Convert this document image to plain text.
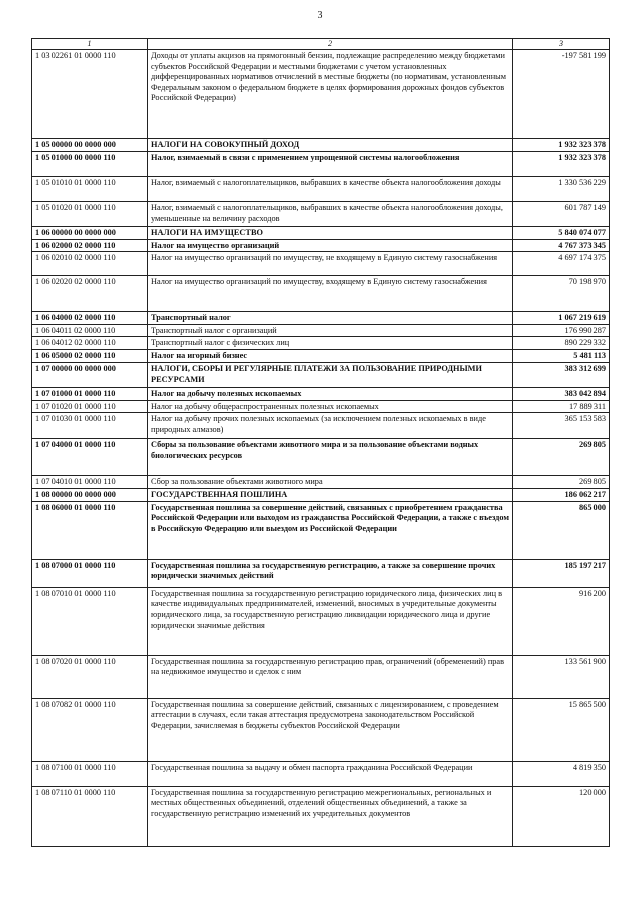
3
1	2	3
1 03 02261 01 0000 110	Доходы от уплаты акцизов на прямогонный бензин, подлежащие распределению между бюджетами субъектов Российской Федерации и местными бюджетами с учетом установленных дифференцированных нормативов отчислений в местные бюджеты (по нормативам, установленным Федеральным законом о федеральном бюджете в целях формирования дорожных фондов субъектов Российской Федерации)	-197 581 199
1 05 00000 00 0000 000	НАЛОГИ НА СОВОКУПНЫЙ ДОХОД	1 932 323 378
1 05 01000 00 0000 110	Налог, взимаемый в связи с применением упрощенной системы налогообложения	1 932 323 378
1 05 01010 01 0000 110	Налог, взимаемый с налогоплательщиков, выбравших в качестве объекта налогообложения доходы	1 330 536 229
1 05 01020 01 0000 110	Налог, взимаемый с налогоплательщиков, выбравших в качестве объекта налогообложения доходы, уменьшенные на величину расходов	601 787 149
1 06 00000 00 0000 000	НАЛОГИ НА ИМУЩЕСТВО	5 840 074 077
1 06 02000 02 0000 110	Налог на имущество организаций	4 767 373 345
1 06 02010 02 0000 110	Налог на имущество организаций по имуществу, не входящему в Единую систему газоснабжения	4 697 174 375
1 06 02020 02 0000 110	Налог на имущество организаций по имуществу, входящему в Единую систему газоснабжения	70 198 970
1 06 04000 02 0000 110	Транспортный налог	1 067 219 619
1 06 04011 02 0000 110	Транспортный налог с организаций	176 990 287
1 06 04012 02 0000 110	Транспортный налог с физических лиц	890 229 332
1 06 05000 02 0000 110	Налог на игорный бизнес	5 481 113
1 07 00000 00 0000 000	НАЛОГИ, СБОРЫ И РЕГУЛЯРНЫЕ ПЛАТЕЖИ ЗА ПОЛЬЗОВАНИЕ ПРИРОДНЫМИ РЕСУРСАМИ	383 312 699
1 07 01000 01 0000 110	Налог на добычу полезных ископаемых	383 042 894
1 07 01020 01 0000 110	Налог на добычу общераспространенных полезных ископаемых	17 889 311
1 07 01030 01 0000 110	Налог на добычу прочих полезных ископаемых (за исключением полезных ископаемых в виде природных алмазов)	365 153 583
1 07 04000 01 0000 110	Сборы за пользование объектами животного мира и за пользование объектами водных биологических ресурсов	269 805
1 07 04010 01 0000 110	Сбор за пользование объектами животного мира	269 805
1 08 00000 00 0000 000	ГОСУДАРСТВЕННАЯ ПОШЛИНА	186 062 217
1 08 06000 01 0000 110	Государственная пошлина за совершение действий, связанных с приобретением гражданства Российской Федерации или выходом из гражданства Российской Федерации, а также с въездом в Российскую Федерацию или выездом из Российской Федерации	865 000
1 08 07000 01 0000 110	Государственная пошлина за государственную регистрацию, а также за совершение прочих юридически значимых действий	185 197 217
1 08 07010 01 0000 110	Государственная пошлина за государственную регистрацию юридического лица, физических лиц в качестве индивидуальных предпринимателей, изменений, вносимых в учредительные документы юридического лица, за государственную регистрацию ликвидации юридического лица и другие юридически значимые действия	916 200
1 08 07020 01 0000 110	Государственная пошлина за государственную регистрацию прав, ограничений (обременений) прав на недвижимое имущество и сделок с ним	133 561 900
1 08 07082 01 0000 110	Государственная пошлина за совершение действий, связанных с лицензированием, с проведением аттестации в случаях, если такая аттестация предусмотрена законодательством Российской Федерации, зачисляемая в бюджеты субъектов Российской Федерации	15 865 500
1 08 07100 01 0000 110	Государственная пошлина за выдачу и обмен паспорта гражданина Российской Федерации	4 819 350
1 08 07110 01 0000 110	Государственная пошлина за государственную регистрацию межрегиональных, региональных и местных общественных объединений, отделений общественных объединений, а также за государственную регистрацию изменений их учредительных документов	120 000
